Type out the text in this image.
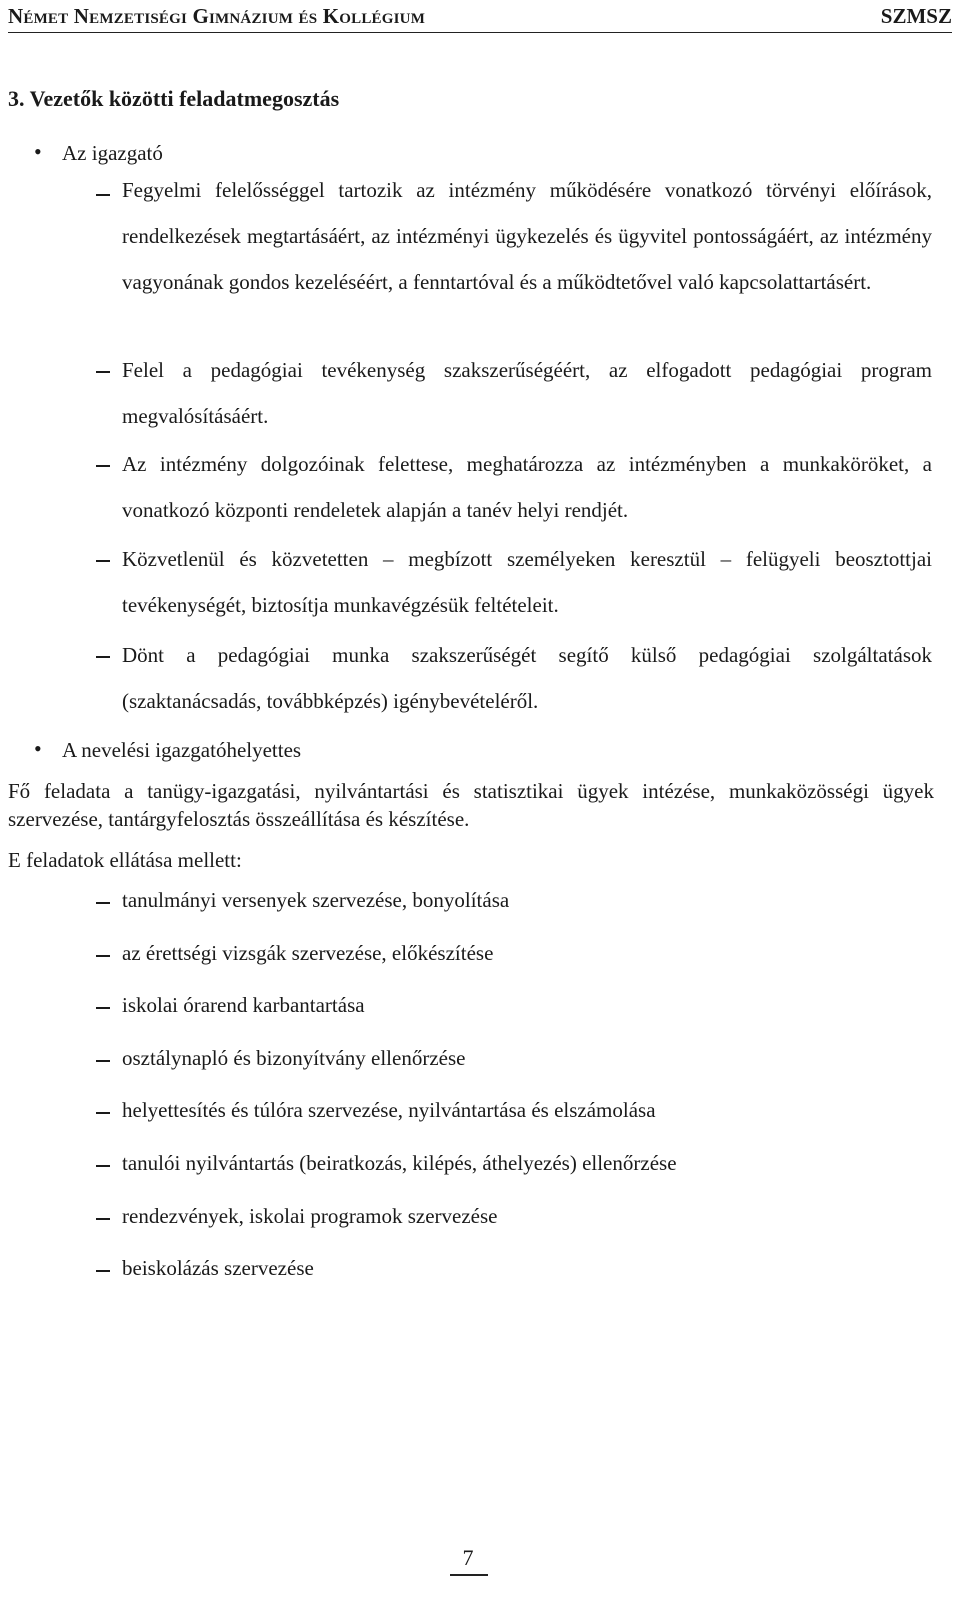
Német Nemzetiségi Gimnázium és Kollégium	SZMSZ
3. Vezetők közötti feladatmegosztás
• Az igazgató
Fegyelmi felelősséggel tartozik az intézmény működésére vonatkozó törvényi előírások, rendelkezések megtartásáért, az intézményi ügykezelés és ügyvitel pontosságáért, az intézmény vagyonának gondos kezeléséért, a fenntartóval és a működtetővel való kapcsolattartásért.
Felel a pedagógiai tevékenység szakszerűségéért, az elfogadott pedagógiai program megvalósításáért.
Az intézmény dolgozóinak felettese, meghatározza az intézményben a munkaköröket, a vonatkozó központi rendeletek alapján a tanév helyi rendjét.
Közvetlenül és közvetetten – megbízott személyeken keresztül – felügyeli beosztottjai tevékenységét, biztosítja munkavégzésük feltételeit.
Dönt a pedagógiai munka szakszerűségét segítő külső pedagógiai szolgáltatások (szaktanácsadás, továbbképzés) igénybevételéről.
• A nevelési igazgatóhelyettes
Fő feladata a tanügy-igazgatási, nyilvántartási és statisztikai ügyek intézése, munkaközösségi ügyek szervezése, tantárgyfelosztás összeállítása és készítése.
E feladatok ellátása mellett:
tanulmányi versenyek szervezése, bonyolítása
az érettségi vizsgák szervezése, előkészítése
iskolai órarend karbantartása
osztálynapló és bizonyítvány ellenőrzése
helyettesítés és túlóra szervezése, nyilvántartása és elszámolása
tanulói nyilvántartás (beiratkozás, kilépés, áthelyezés) ellenőrzése
rendezvények, iskolai programok szervezése
beiskolázás szervezése
7
